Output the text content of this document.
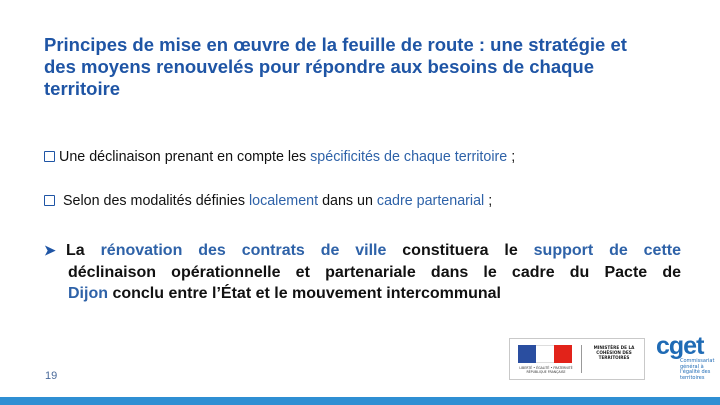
Principes de mise en œuvre de la feuille de route : une stratégie et des moyens renouvelés pour répondre aux besoins de chaque territoire
Une déclinaison prenant en compte les spécificités de chaque territoire ;
Selon des modalités définies localement dans un cadre partenarial ;
➤ La rénovation des contrats de ville constituera le support de cette
déclinaison opérationnelle et partenariale dans le cadre du Pacte de
Dijon conclu entre l’État et le mouvement intercommunal
19
LIBERTÉ • ÉGALITÉ • FRATERNITÉ RÉPUBLIQUE FRANÇAISE
MINISTÈRE DE LA COHÉSION DES TERRITOIRES	cget
Commissariat général à l'égalité des territoires
